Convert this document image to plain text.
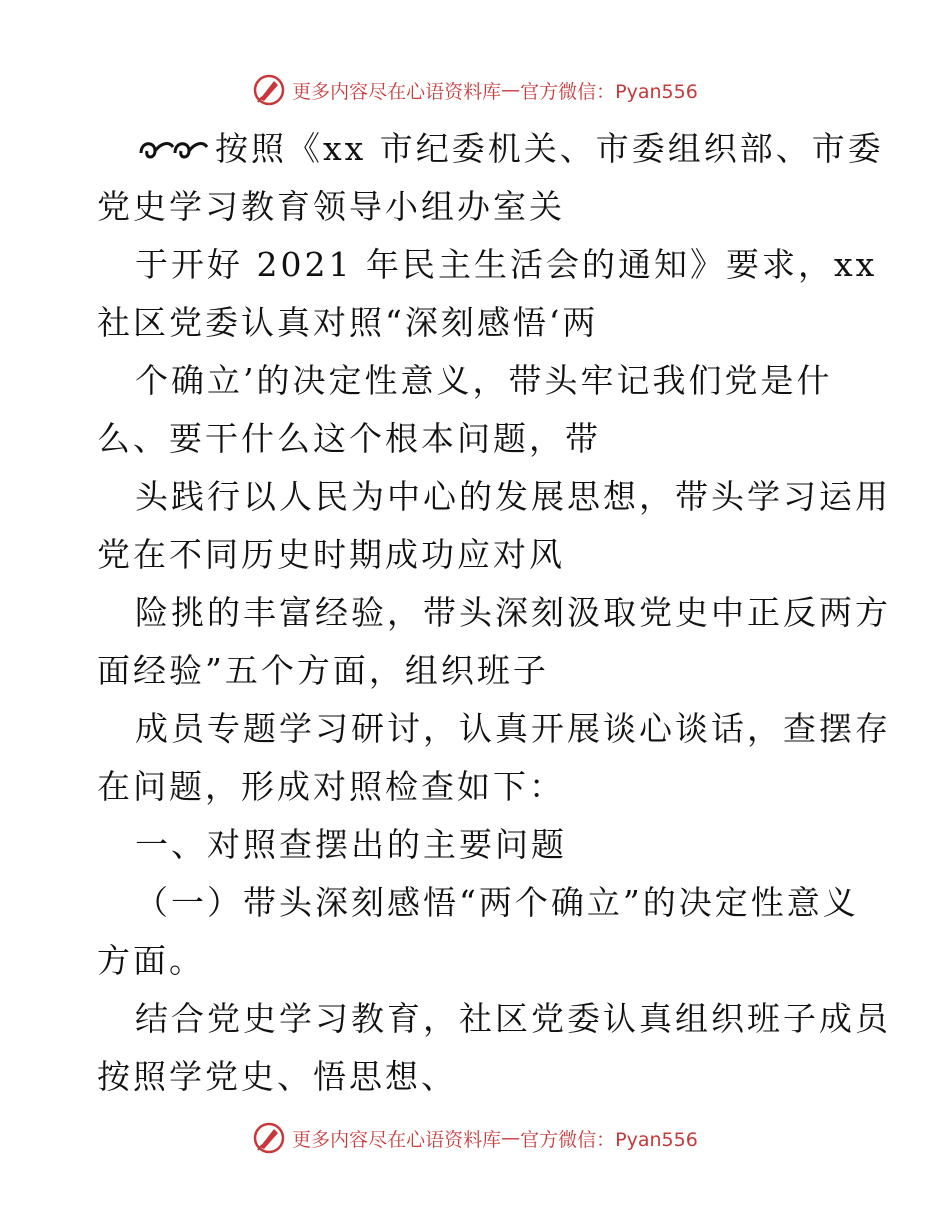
更多内容尽在心语资料库 — 官方微信：Pyan556
按照《xx 市纪委机关、市委组织部、市委
党史学习教育领导小组办室关
于开好 2021 年民主生活会的通知》要求，xx
社区党委认真对照“深刻感悟‘两
个确立’的决定性意义，带头牢记我们党是什
么、要干什么这个根本问题，带
头践行以人民为中心的发展思想，带头学习运用
党在不同历史时期成功应对风
险挑的丰富经验，带头深刻汲取党史中正反两方
面经验”五个方面，组织班子
成员专题学习研讨，认真开展谈心谈话，查摆存
在问题，形成对照检查如下：
一、对照查摆出的主要问题
（一）带头深刻感悟“两个确立”的决定性意义
方面。
结合党史学习教育，社区党委认真组织班子成员
按照学党史、悟思想、
更多内容尽在心语资料库 — 官方微信：Pyan556
